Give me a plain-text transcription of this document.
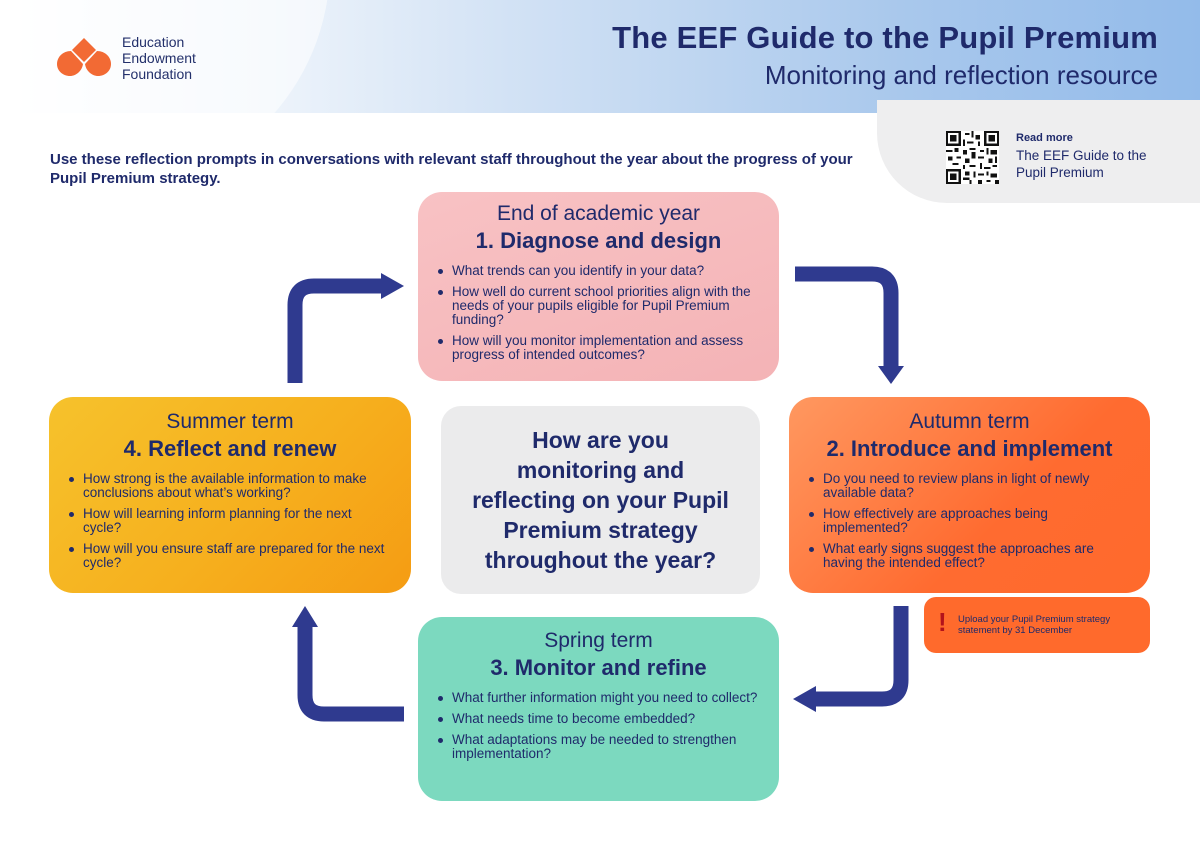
Education
Endowment
Foundation
The EEF Guide to the Pupil Premium
Monitoring and reflection resource
Read more
The EEF Guide to the Pupil Premium
Use these reflection prompts in conversations with relevant staff throughout the year about the progress of your Pupil Premium strategy.
End of academic year
1. Diagnose and design
What trends can you identify in your data?
How well do current school priorities align with the needs of your pupils eligible for Pupil Premium funding?
How will you monitor implementation and assess progress of intended outcomes?
Autumn term
2. Introduce and implement
Do you need to review plans in light of newly available data?
How effectively are approaches being implemented?
What early signs suggest the approaches are having the intended effect?
! Upload your Pupil Premium strategy statement by 31 December
Spring term
3. Monitor and refine
What further information might you need to collect?
What needs time to become embedded?
What adaptations may be needed to strengthen implementation?
Summer term
4. Reflect and renew
How strong is the available information to make conclusions about what’s working?
How will learning inform planning for the next cycle?
How will you ensure staff are prepared for the next cycle?
How are you monitoring and reflecting on your Pupil Premium strategy throughout the year?
